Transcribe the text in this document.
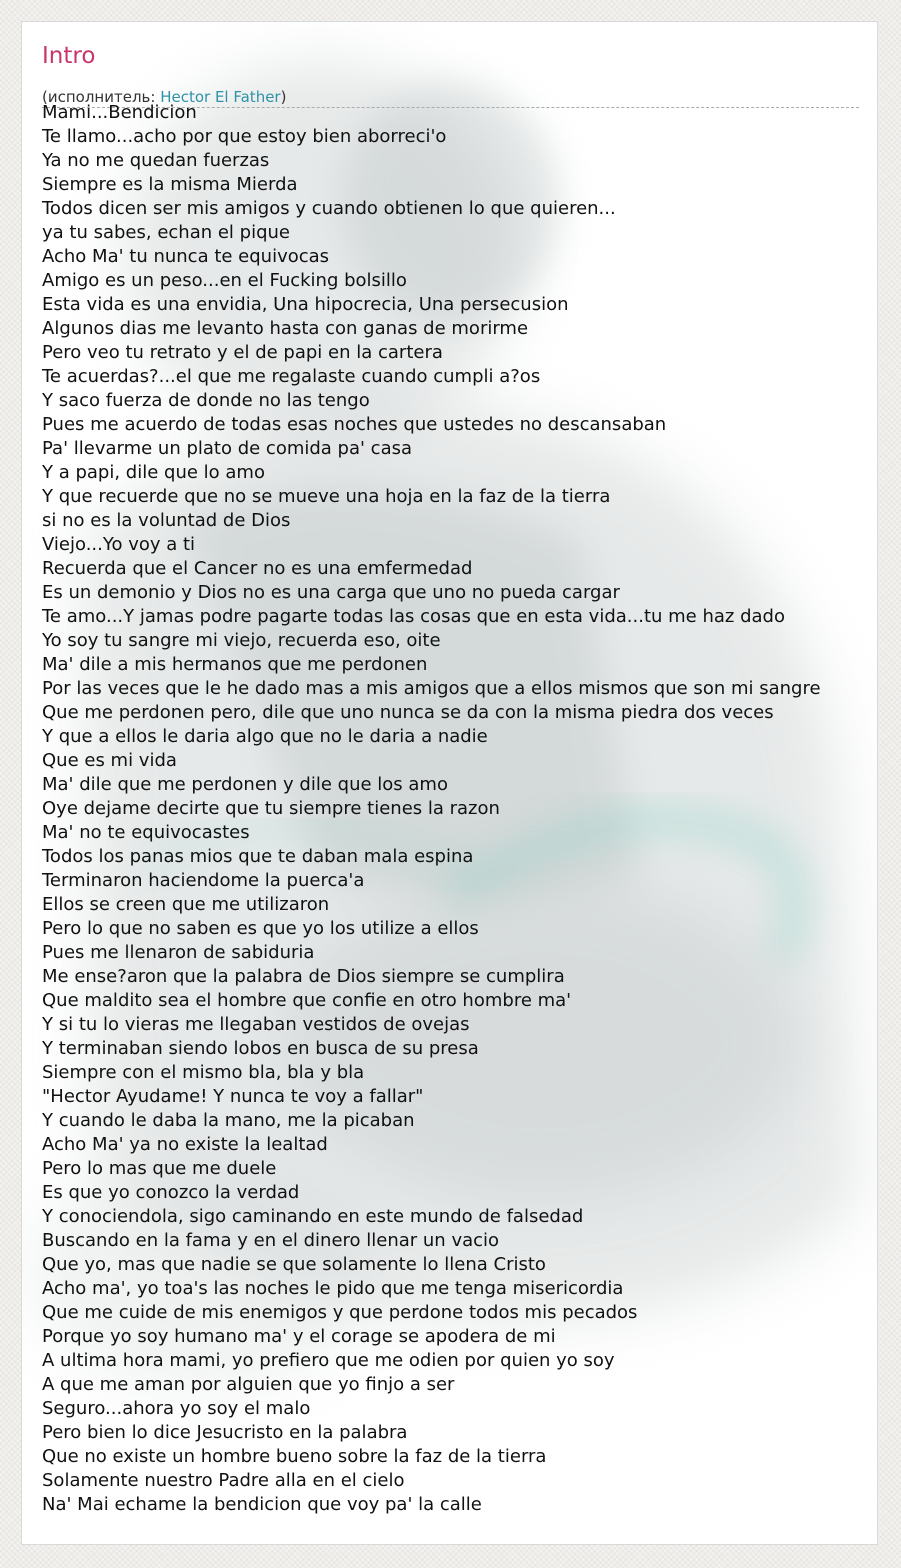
Intro
(исполнитель: Hector El Father)
Mami...Bendicion
Te llamo...acho por que estoy bien aborreci'o
Ya no me quedan fuerzas
Siempre es la misma Mierda
Todos dicen ser mis amigos y cuando obtienen lo que quieren...
ya tu sabes, echan el pique
Acho Ma' tu nunca te equivocas
Amigo es un peso...en el Fucking bolsillo
Esta vida es una envidia, Una hipocrecia, Una persecusion
Algunos dias me levanto hasta con ganas de morirme
Pero veo tu retrato y el de papi en la cartera
Te acuerdas?...el que me regalaste cuando cumpli a?os
Y saco fuerza de donde no las tengo
Pues me acuerdo de todas esas noches que ustedes no descansaban
Pa' llevarme un plato de comida pa' casa
Y a papi, dile que lo amo
Y que recuerde que no se mueve una hoja en la faz de la tierra
si no es la voluntad de Dios
Viejo...Yo voy a ti
Recuerda que el Cancer no es una emfermedad
Es un demonio y Dios no es una carga que uno no pueda cargar
Te amo...Y jamas podre pagarte todas las cosas que en esta vida...tu me haz dado
Yo soy tu sangre mi viejo, recuerda eso, oite
Ma' dile a mis hermanos que me perdonen
Por las veces que le he dado mas a mis amigos que a ellos mismos que son mi sangre
Que me perdonen pero, dile que uno nunca se da con la misma piedra dos veces
Y que a ellos le daria algo que no le daria a nadie
Que es mi vida
Ma' dile que me perdonen y dile que los amo
Oye dejame decirte que tu siempre tienes la razon
Ma' no te equivocastes
Todos los panas mios que te daban mala espina
Terminaron haciendome la puerca'a
Ellos se creen que me utilizaron
Pero lo que no saben es que yo los utilize a ellos
Pues me llenaron de sabiduria
Me ense?aron que la palabra de Dios siempre se cumplira
Que maldito sea el hombre que confie en otro hombre ma'
Y si tu lo vieras me llegaban vestidos de ovejas
Y terminaban siendo lobos en busca de su presa
Siempre con el mismo bla, bla y bla
"Hector Ayudame! Y nunca te voy a fallar"
Y cuando le daba la mano, me la picaban
Acho Ma' ya no existe la lealtad
Pero lo mas que me duele
Es que yo conozco la verdad
Y conociendola, sigo caminando en este mundo de falsedad
Buscando en la fama y en el dinero llenar un vacio
Que yo, mas que nadie se que solamente lo llena Cristo
Acho ma', yo toa's las noches le pido que me tenga misericordia
Que me cuide de mis enemigos y que perdone todos mis pecados
Porque yo soy humano ma' y el corage se apodera de mi
A ultima hora mami, yo prefiero que me odien por quien yo soy
A que me aman por alguien que yo finjo a ser
Seguro...ahora yo soy el malo
Pero bien lo dice Jesucristo en la palabra
Que no existe un hombre bueno sobre la faz de la tierra
Solamente nuestro Padre alla en el cielo
Na' Mai echame la bendicion que voy pa' la calle
